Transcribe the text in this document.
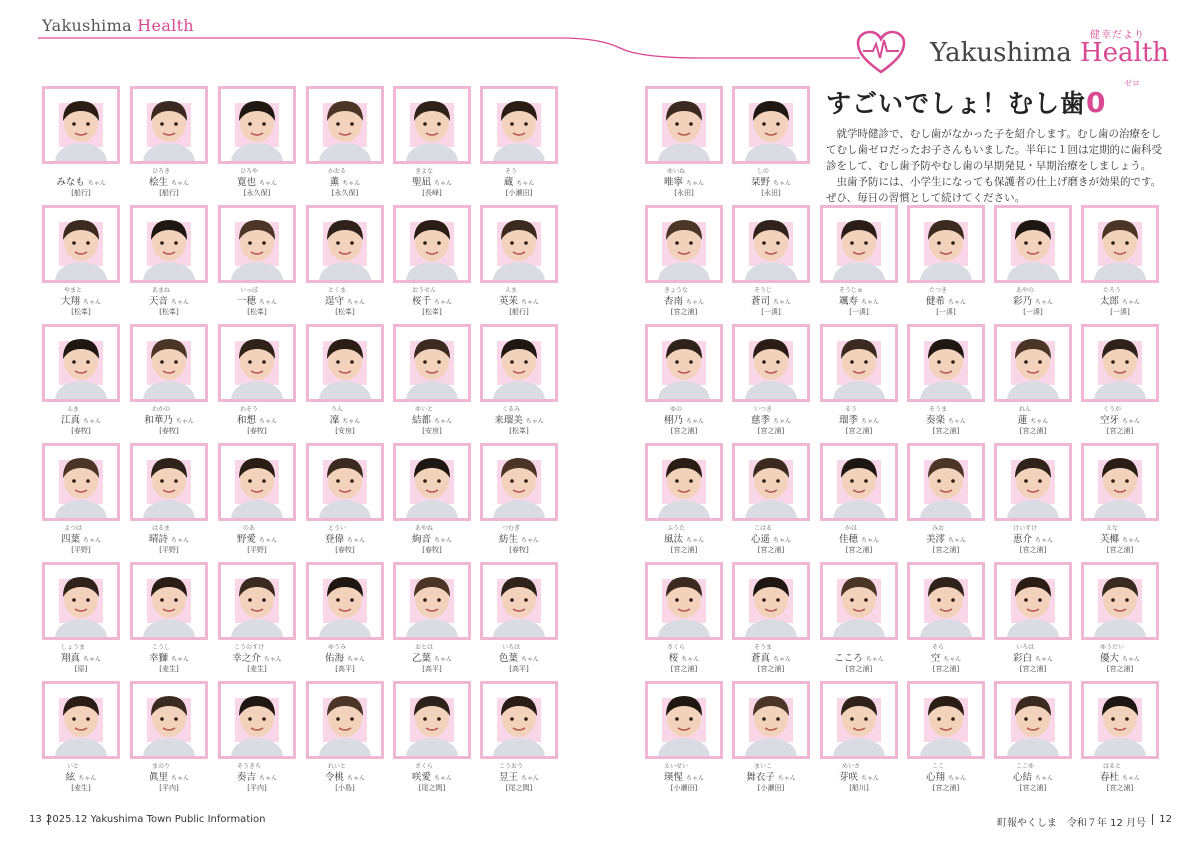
Yakushima Health
Yakushima Health
健幸だより
すごいでしょ！むし歯0
ゼロ

就学時健診で、むし歯がなかった子を紹介します。むし歯の治療をしてむし歯ゼロだったお子さんもいました。半年に１回は定期的に歯科受診をして、むし歯予防やむし歯の早期発見・早期治療をしましょう。

虫歯予防には、小学生になっても保護者の仕上げ磨きが効果的です。ぜひ、毎日の習慣として続けてください。

みなも ちゃん
[船行]
ひろき
桧生 ちゃん
[船行]
ひろや
寛也 ちゃん
[永久保]
かおる
薫ちゃん
[永久保]
きよな
聖凪 ちゃん
[長峰]
そう
蔵ちゃん
[小瀬田]
やまと
大翔 ちゃん
[松峯]
あまね
天音 ちゃん
[松峯]
いっぽ
一穂 ちゃん
[松峯]
とくま
逞守 ちゃん
[松峯]
おうせん
桜千 ちゃん
[松峯]
えま
英茉 ちゃん
[船行]
えま
江真 ちゃん
[春牧]
わかの
和華乃 ちゃん
[春牧]
わそう
和想 ちゃん
[春牧]
りん
凜ちゃん
[安房]
ゆいと
結都 ちゃん
[安房]
くるみ
来瑠美 ちゃん
[松峯]
よつは
四葉 ちゃん
[平野]
はるま
晴詩 ちゃん
[平野]
のあ
野愛 ちゃん
[平野]
とうい
登偉 ちゃん
[春牧]
あやね
絢音 ちゃん
[春牧]
つむぎ
紡生 ちゃん
[春牧]
しょうま
翔真 ちゃん
[原]
こうし
幸獅 ちゃん
[麦生]
こうのすけ
幸之介 ちゃん
[麦生]
ゆうみ
佑海 ちゃん
[高平]
おとは
乙葉 ちゃん
[高平]
いろは
色葉 ちゃん
[高平]
いと
絃ちゃん
[麦生]
まのり
眞里 ちゃん
[平内]
そうきち
奏吉 ちゃん
[平内]
れいと
令桃 ちゃん
[小島]
さくら
咲愛 ちゃん
[尾之間]
こうおう
昱王 ちゃん
[尾之間]
ゆいね
唯寧 ちゃん
[永田]
しの
栞野 ちゃん
[永田]
きょうな
杏南 ちゃん
[宮之浦]
そうじ
蒼司 ちゃん
[一湊]
そうじゅ
颯寿 ちゃん
[一湊]
たつき
健希 ちゃん
[一湊]
あやの
彩乃 ちゃん
[一湊]
たろう
太郎 ちゃん
[一湊]
ゆの
栩乃 ちゃん
[宮之浦]
いつき
慈季 ちゃん
[宮之浦]
るう
瑠季 ちゃん
[宮之浦]
そうま
奏楽 ちゃん
[宮之浦]
れん
蓮ちゃん
[宮之浦]
くうが
空牙 ちゃん
[宮之浦]
ふうた
風汰 ちゃん
[宮之浦]
こはる
心遥 ちゃん
[宮之浦]
かほ
佳穂 ちゃん
[宮之浦]
みお
美澪 ちゃん
[宮之浦]
けいすけ
恵介 ちゃん
[宮之浦]
えな
芙椰 ちゃん
[宮之浦]
さくら
桜ちゃん
[宮之浦]
そうま
蒼真 ちゃん
[宮之浦]
こころ ちゃん
[宮之浦]
そら
空ちゃん
[宮之浦]
いろは
彩白 ちゃん
[宮之浦]
ゆうだい
優大 ちゃん
[宮之浦]
えいせい
瑛惺 ちゃん
[小瀬田]
まいこ
舞衣子 ちゃん
[小瀬田]
めいさ
芽咲 ちゃん
[船川]
ここ
心翔 ちゃん
[宮之浦]
ここゆ
心結 ちゃん
[宮之浦]
はると
春杜 ちゃん
[宮之浦]
13 2025.12 Yakushima Town Public Information	町報やくしま　令和７年 12 月号	12
